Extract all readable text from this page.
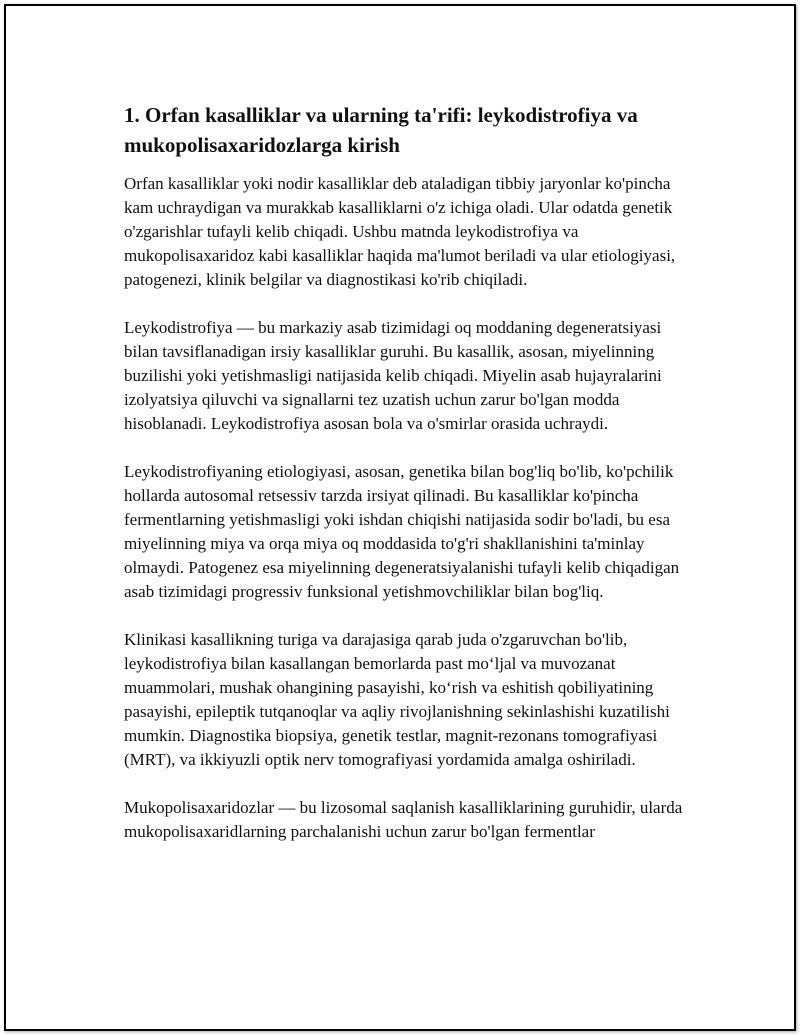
1. Orfan kasalliklar va ularning ta'rifi: leykodistrofiya va mukopolisaxaridozlarga kirish

Orfan kasalliklar yoki nodir kasalliklar deb ataladigan tibbiy jaryonlar ko'pincha kam uchraydigan va murakkab kasalliklarni o'z ichiga oladi. Ular odatda genetik o'zgarishlar tufayli kelib chiqadi. Ushbu matnda leykodistrofiya va mukopolisaxaridoz kabi kasalliklar haqida ma'lumot beriladi va ular etiologiyasi, patogenezi, klinik belgilar va diagnostikasi ko'rib chiqiladi.

Leykodistrofiya — bu markaziy asab tizimidagi oq moddaning degeneratsiyasi bilan tavsiflanadigan irsiy kasalliklar guruhi. Bu kasallik, asosan, miyelinning buzilishi yoki yetishmasligi natijasida kelib chiqadi. Miyelin asab hujayralarini izolyatsiya qiluvchi va signallarni tez uzatish uchun zarur bo'lgan modda hisoblanadi. Leykodistrofiya asosan bola va o'smirlar orasida uchraydi.

Leykodistrofiyaning etiologiyasi, asosan, genetika bilan bog'liq bo'lib, ko'pchilik hollarda autosomal retsessiv tarzda irsiyat qilinadi. Bu kasalliklar ko'pincha fermentlarning yetishmasligi yoki ishdan chiqishi natijasida sodir bo'ladi, bu esa miyelinning miya va orqa miya oq moddasida to'g'ri shakllanishini ta'minlay olmaydi. Patogenez esa miyelinning degeneratsiyalanishi tufayli kelib chiqadigan asab tizimidagi progressiv funksional yetishmovchiliklar bilan bog'liq.

Klinikasi kasallikning turiga va darajasiga qarab juda o'zgaruvchan bo'lib, leykodistrofiya bilan kasallangan bemorlarda past moʻljal va muvozanat muammolari, mushak ohangining pasayishi, koʻrish va eshitish qobiliyatining pasayishi, epileptik tutqanoqlar va aqliy rivojlanishning sekinlashishi kuzatilishi mumkin. Diagnostika biopsiya, genetik testlar, magnit-rezonans tomografiyasi (MRT), va ikkiyuzli optik nerv tomografiyasi yordamida amalga oshiriladi.

Mukopolisaxaridozlar — bu lizosomal saqlanish kasalliklarining guruhidir, ularda mukopolisaxaridlarning parchalanishi uchun zarur bo'lgan fermentlar
